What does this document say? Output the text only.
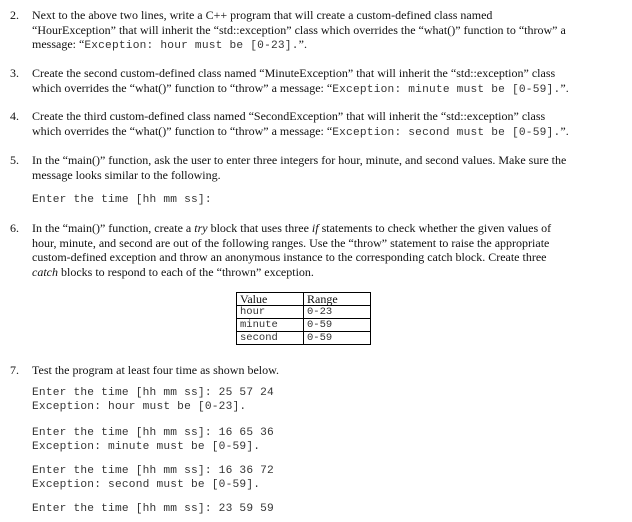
2. Next to the above two lines, write a C++ program that will create a custom-defined class named
“HourException” that will inherit the “std::exception” class which overrides the “what()” function to “throw” a
message: “Exception: hour must be [0-23].”.
3. Create the second custom-defined class named “MinuteException” that will inherit the “std::exception” class
which overrides the “what()” function to “throw” a message: “Exception: minute must be [0-59].”.
4. Create the third custom-defined class named “SecondException” that will inherit the “std::exception” class
which overrides the “what()” function to “throw” a message: “Exception: second must be [0-59].”.
5. In the “main()” function, ask the user to enter three integers for hour, minute, and second values. Make sure the
message looks similar to the following.
Enter the time [hh mm ss]:
6. In the “main()” function, create a try block that uses three if statements to check whether the given values of
hour, minute, and second are out of the following ranges. Use the “throw” statement to raise the appropriate
custom-defined exception and throw an anonymous instance to the corresponding catch block. Create three
catch blocks to respond to each of the “thrown” exception.
Value	Range
hour	0-23
minute	0-59
second	0-59
7. Test the program at least four time as shown below.
Enter the time [hh mm ss]: 25 57 24
Exception: hour must be [0-23].
Enter the time [hh mm ss]: 16 65 36
Exception: minute must be [0-59].
Enter the time [hh mm ss]: 16 36 72
Exception: second must be [0-59].
Enter the time [hh mm ss]: 23 59 59
